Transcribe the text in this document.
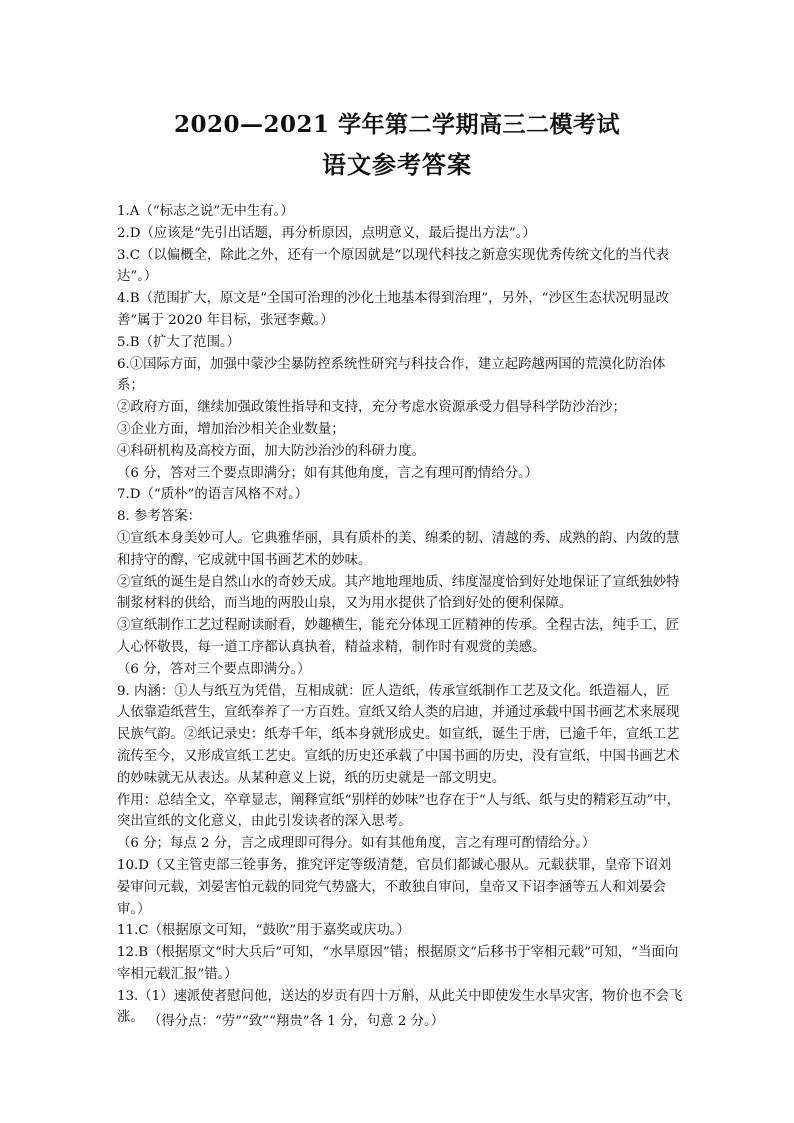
2020—2021 学年第二学期高三二模考试
语文参考答案

1.A（“标志之说”无中生有。）

2.D（应该是“先引出话题，再分析原因，点明意义，最后提出方法”。）

3.C（以偏概全，除此之外，还有一个原因就是“以现代科技之新意实现优秀传统文化的当代表达”。）

4.B（范围扩大，原文是“全国可治理的沙化土地基本得到治理”，另外，“沙区生态状况明显改善”属于 2020 年目标，张冠李戴。）

5.B（扩大了范围。）

6.①国际方面，加强中蒙沙尘暴防控系统性研究与科技合作，建立起跨越两国的荒漠化防治体系；

②政府方面，继续加强政策性指导和支持，充分考虑水资源承受力倡导科学防沙治沙；

③企业方面，增加治沙相关企业数量；

④科研机构及高校方面，加大防沙治沙的科研力度。

（6 分，答对三个要点即满分；如有其他角度，言之有理可酌情给分。）

7.D（“质朴”的语言风格不对。）

8. 参考答案：

①宣纸本身美妙可人。它典雅华丽，具有质朴的美、绵柔的韧、清越的秀、成熟的韵、内敛的慧和持守的醇，它成就中国书画艺术的妙味。

②宣纸的诞生是自然山水的奇妙天成。其产地地理地质、纬度湿度恰到好处地保证了宣纸独妙特制浆材料的供给，而当地的两股山泉，又为用水提供了恰到好处的便利保障。

③宣纸制作工艺过程耐读耐看，妙趣横生，能充分体现工匠精神的传承。全程古法，纯手工，匠人心怀敬畏，每一道工序都认真执着，精益求精，制作时有观赏的美感。

（6 分，答对三个要点即满分。）

9. 内涵：①人与纸互为凭借，互相成就：匠人造纸，传承宣纸制作工艺及文化。纸造福人，匠人依靠造纸营生，宣纸奉养了一方百姓。宣纸又给人类的启迪，并通过承载中国书画艺术来展现民族气韵。②纸记录史：纸寿千年，纸本身就形成史。如宣纸，诞生于唐，已逾千年，宣纸工艺流传至今，又形成宣纸工艺史。宣纸的历史还承载了中国书画的历史，没有宣纸，中国书画艺术的妙味就无从表达。从某种意义上说，纸的历史就是一部文明史。

作用：总结全文，卒章显志，阐释宣纸“别样的妙味”也存在于“人与纸、纸与史的精彩互动”中，突出宣纸的文化意义，由此引发读者的深入思考。

（6 分；每点 2 分，言之成理即可得分。如有其他角度，言之有理可酌情给分。）

10.D（又主管吏部三铨事务，推究评定等级清楚，官员们都诚心服从。元载获罪，皇帝下诏刘晏审问元载，刘晏害怕元载的同党气势盛大，不敢独自审问，皇帝又下诏李涵等五人和刘晏会审。）

11.C（根据原文可知，“鼓吹”用于嘉奖或庆功。）

12.B（根据原文“时大兵后”可知，“水旱原因”错；根据原文“后移书于宰相元载”可知，“当面向宰相元载汇报”错。）

13.（1）速派使者慰问他，送达的岁贡有四十万斛，从此关中即使发生水旱灾害，物价也不会飞涨。 （得分点：“劳”“致”“翔贵”各 1 分，句意 2 分。）
